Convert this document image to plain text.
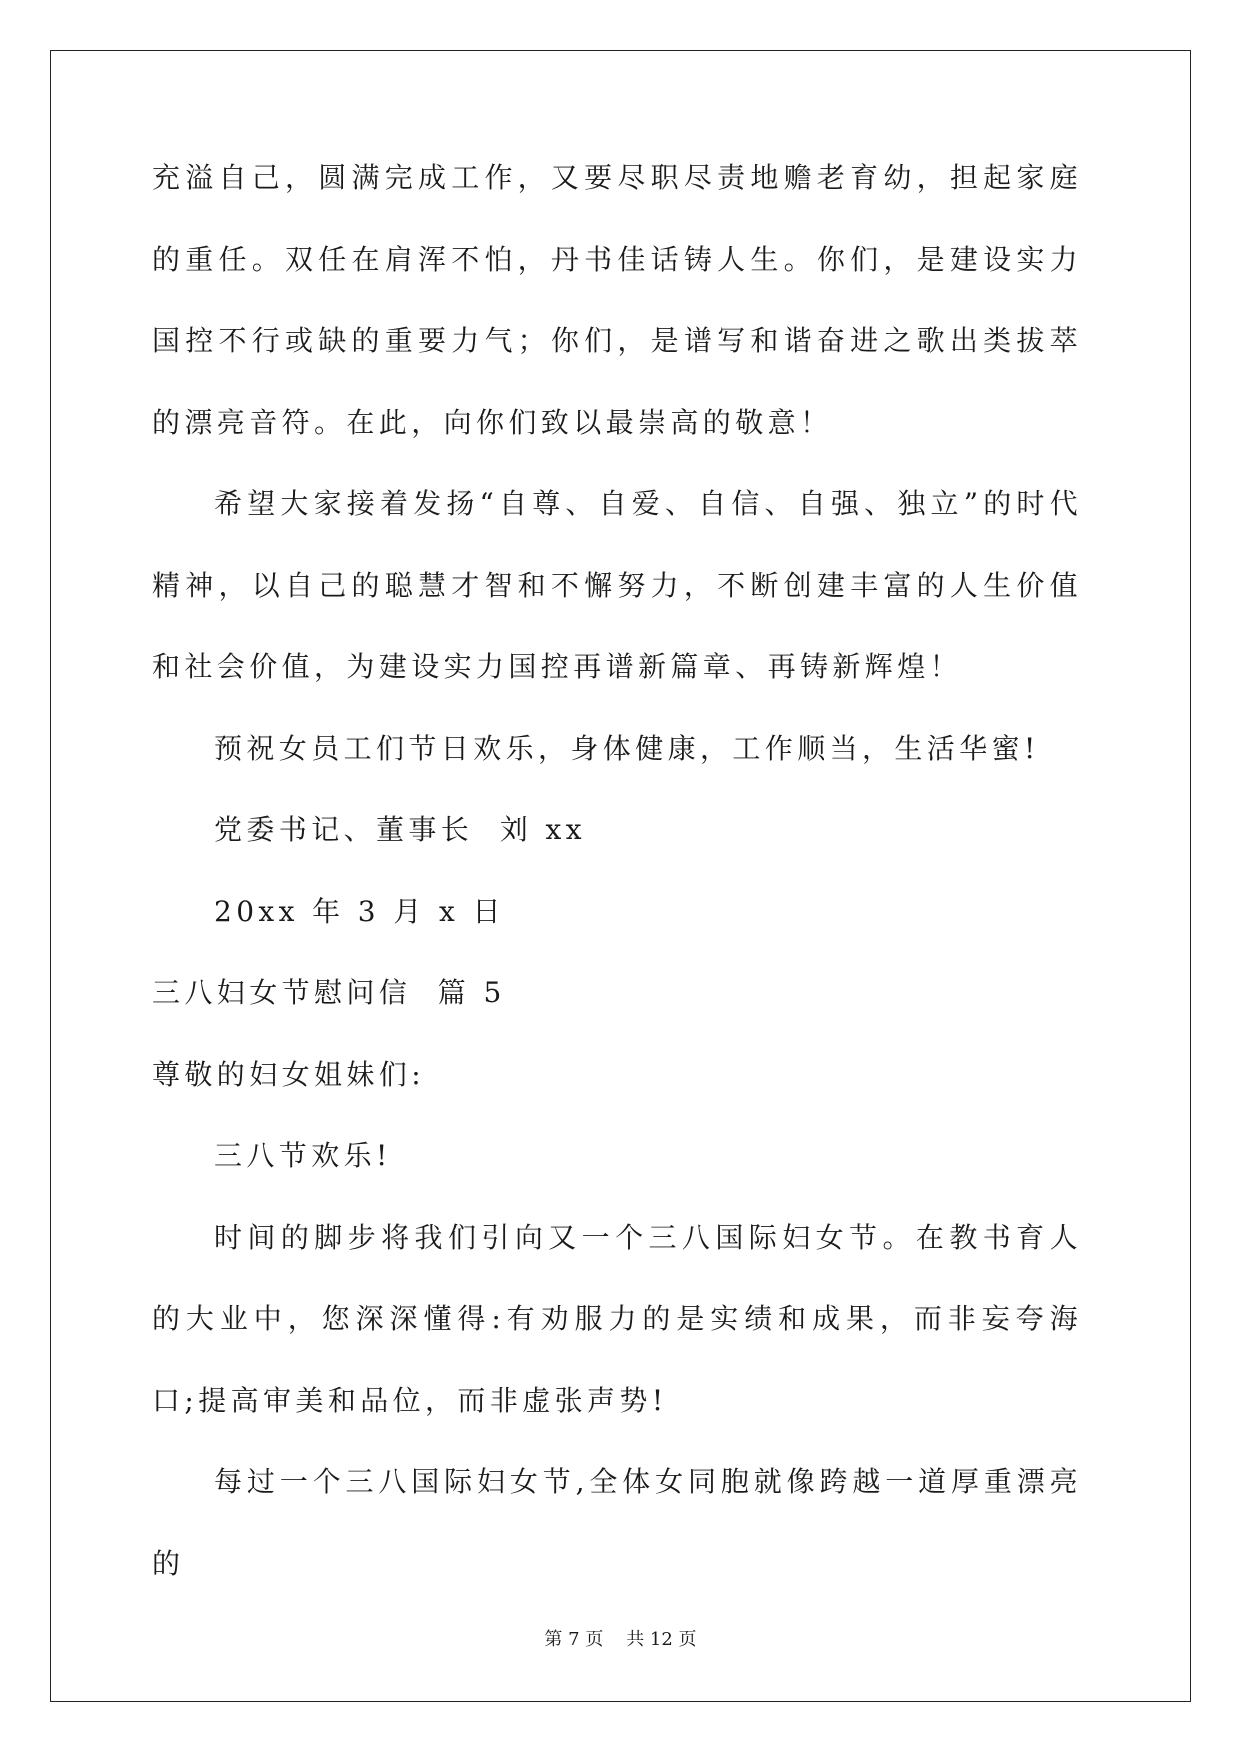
充溢自己，圆满完成工作，又要尽职尽责地赡老育幼，担起家庭的重任。双任在肩浑不怕，丹书佳话铸人生。你们，是建设实力国控不行或缺的重要力气；你们，是谱写和谐奋进之歌出类拔萃的漂亮音符。在此，向你们致以最崇高的敬意！

希望大家接着发扬“自尊、自爱、自信、自强、独立”的时代精神，以自己的聪慧才智和不懈努力，不断创建丰富的人生价值和社会价值，为建设实力国控再谱新篇章、再铸新辉煌！

预祝女员工们节日欢乐，身体健康，工作顺当，生活华蜜!

党委书记、董事长  刘 xx

20xx 年 3 月 x 日

三八妇女节慰问信  篇 5

尊敬的妇女姐妹们:

三八节欢乐!

时间的脚步将我们引向又一个三八国际妇女节。在教书育人的大业中，您深深懂得:有劝服力的是实绩和成果，而非妄夸海口;提高审美和品位，而非虚张声势!

每过一个三八国际妇女节,全体女同胞就像跨越一道厚重漂亮的

第 7 页    共 12 页
